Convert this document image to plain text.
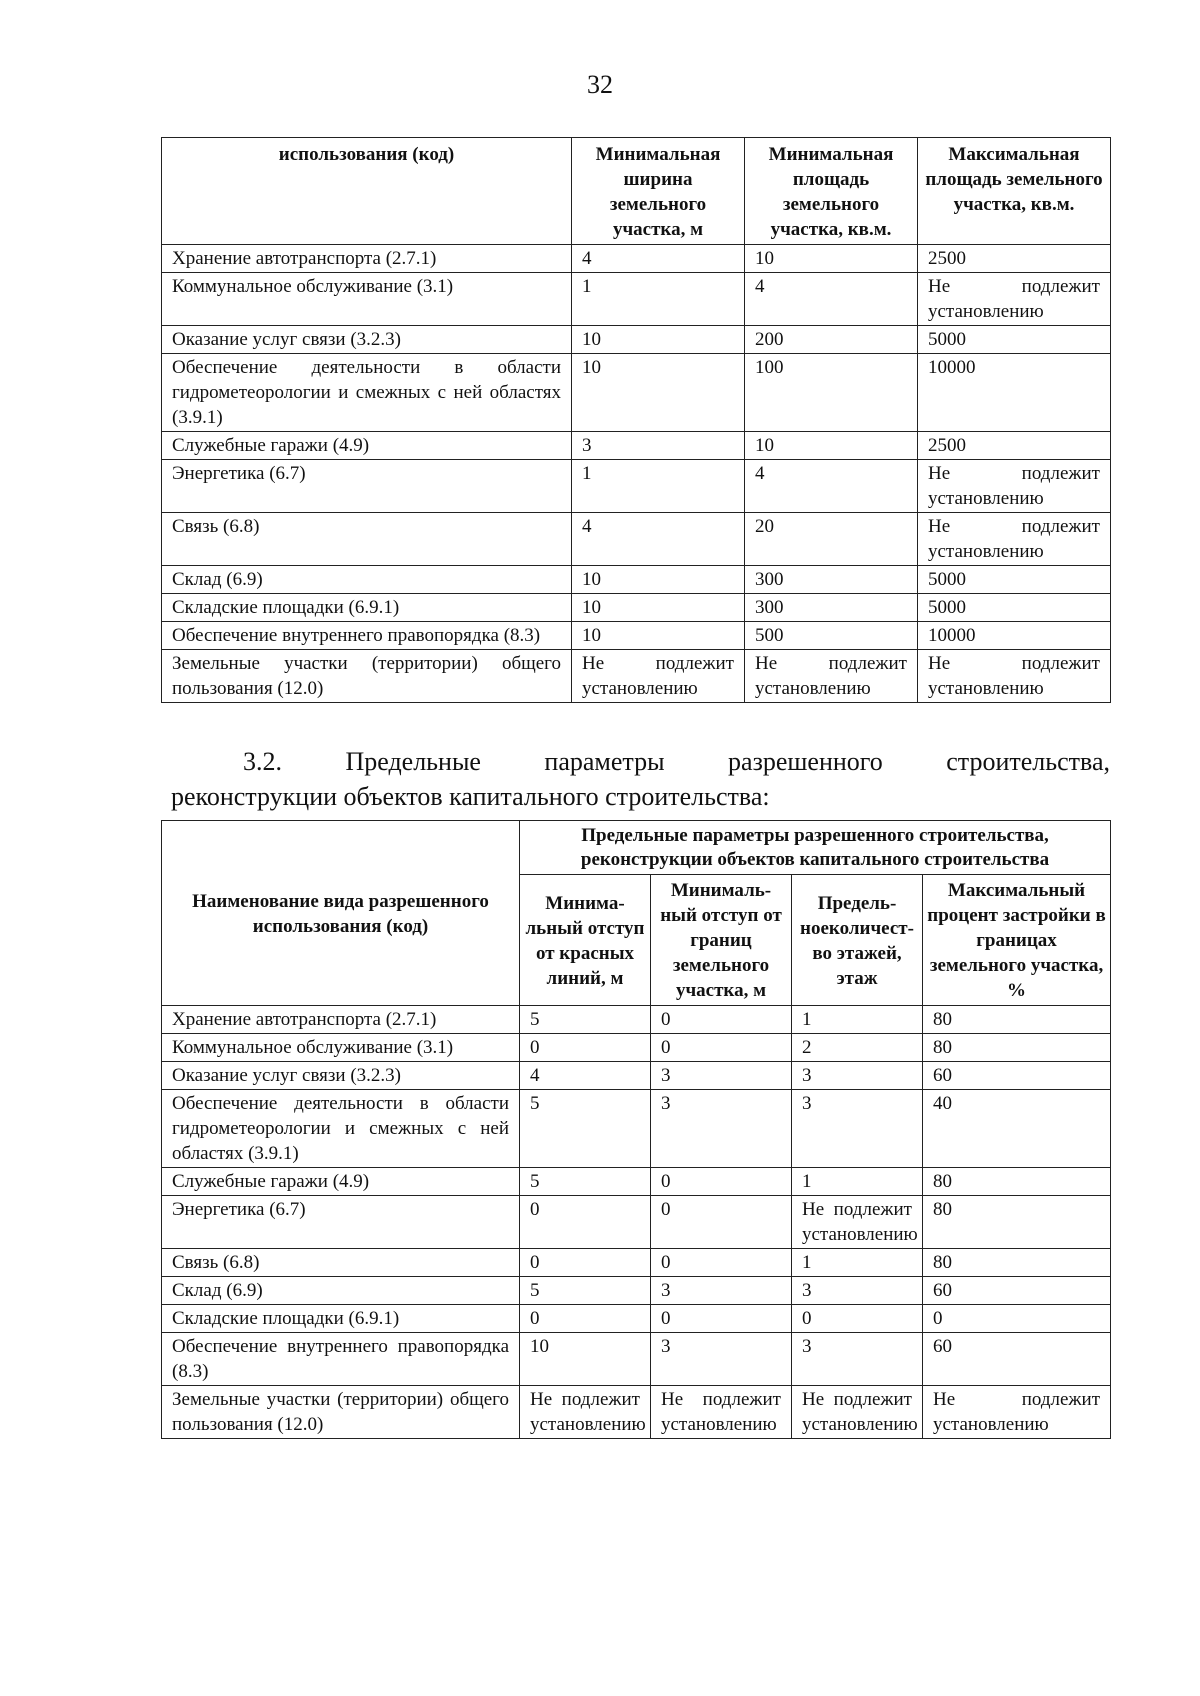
32
использования (код)	Минимальная ширина земельного участка, м	Минимальная площадь земельного участка, кв.м.	Максимальная площадь земельного участка, кв.м.
Хранение автотранспорта (2.7.1)	4	10	2500
Коммунальное обслуживание (3.1)	1	4	Не подлежит установлению
Оказание услуг связи (3.2.3)	10	200	5000
Обеспечение деятельности в области гидрометеорологии и смежных с ней областях (3.9.1)	10	100	10000
Служебные гаражи (4.9)	3	10	2500
Энергетика (6.7)	1	4	Не подлежит установлению
Связь (6.8)	4	20	Не подлежит установлению
Склад (6.9)	10	300	5000
Складские площадки (6.9.1)	10	300	5000
Обеспечение внутреннего правопорядка (8.3)	10	500	10000
Земельные участки (территории) общего пользования (12.0)	Не подлежит установлению	Не подлежит установлению	Не подлежит установлению
3.2. Предельные параметры разрешенного строительства,
реконструкции объектов капитального строительства:
Наименование вида разрешенного использования (код)	Предельные параметры разрешенного строительства, реконструкции объектов капитального строительства			
	Минима-льный отступ от красных линий, м	Минималь-ный отступ от границ земельного участка, м	Предель-ноеколичест-во этажей, этаж	Максимальный процент застройки в границах земельного участка, %
Хранение автотранспорта (2.7.1)	5	0	1	80
Коммунальное обслуживание (3.1)	0	0	2	80
Оказание услуг связи (3.2.3)	4	3	3	60
Обеспечение деятельности в области гидрометеорологии и смежных с ней областях (3.9.1)	5	3	3	40
Служебные гаражи (4.9)	5	0	1	80
Энергетика (6.7)	0	0	Не подлежит установлению	80
Связь (6.8)	0	0	1	80
Склад (6.9)	5	3	3	60
Складские площадки (6.9.1)	0	0	0	0
Обеспечение внутреннего правопорядка (8.3)	10	3	3	60
Земельные участки (территории) общего пользования (12.0)	Не подлежит установлению	Не подлежит установлению	Не подлежит установлению	Не подлежит установлению
